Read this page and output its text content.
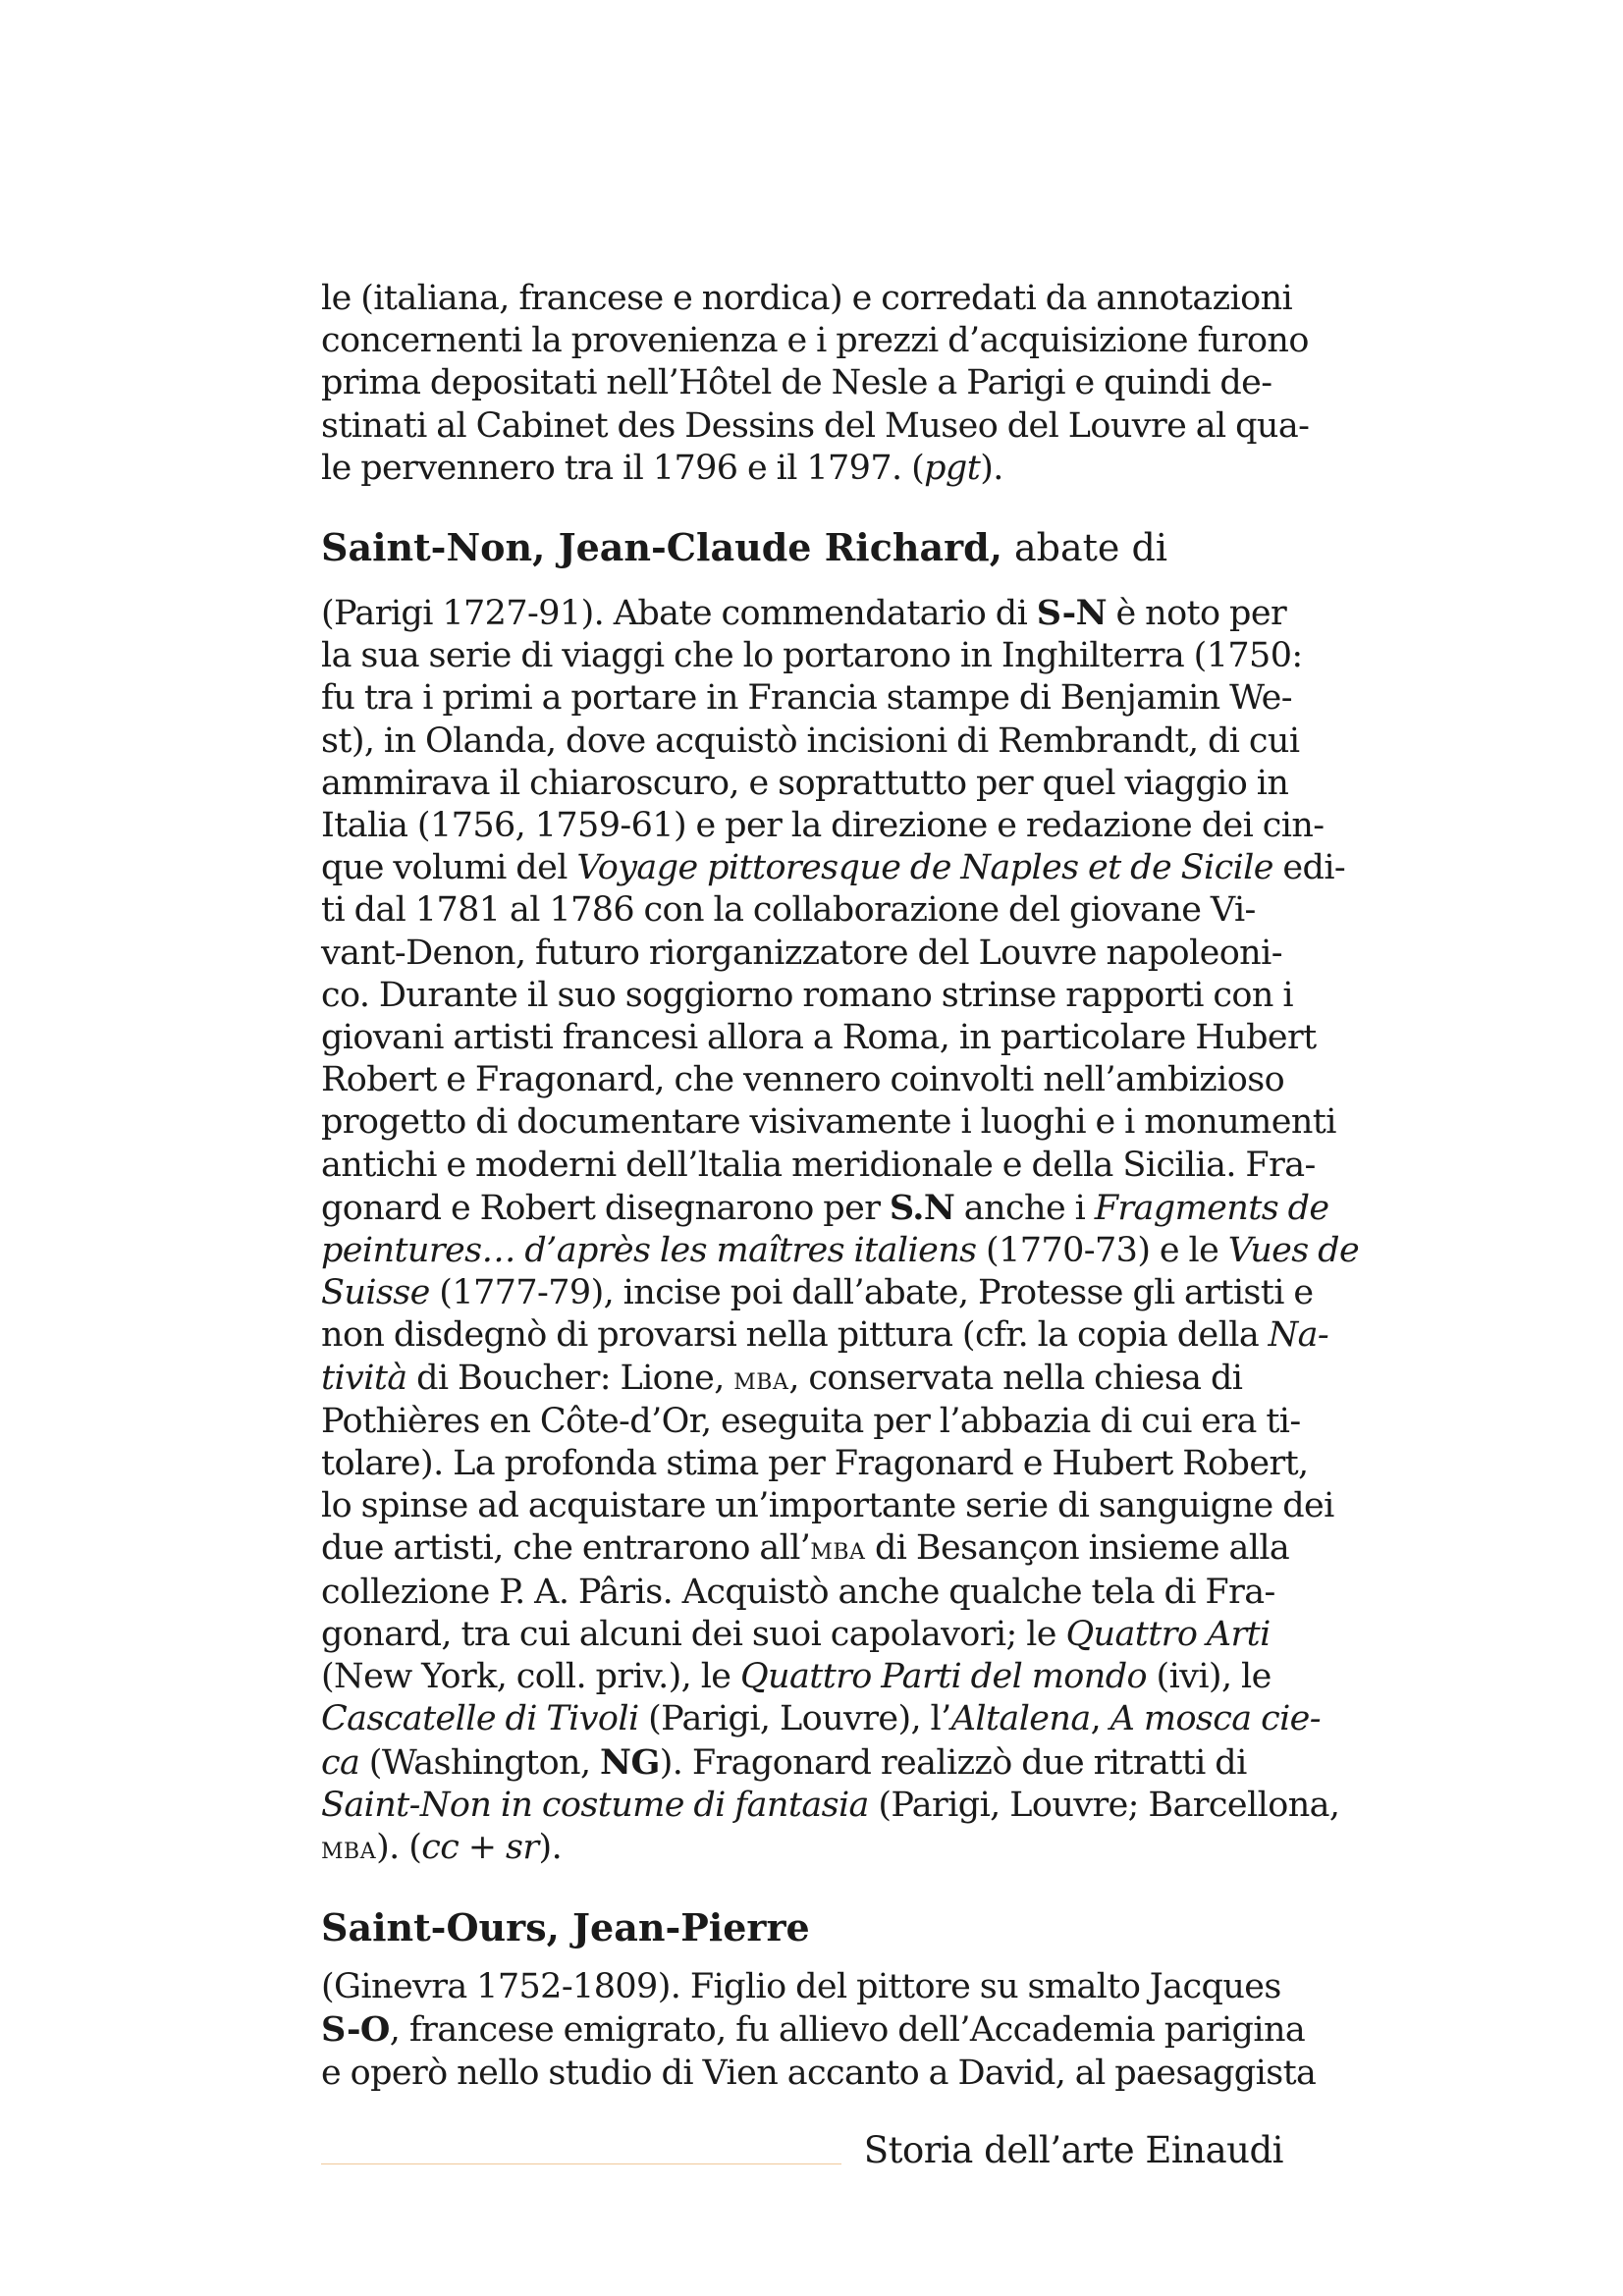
le (italiana, francese e nordica) e corredati da annotazioni
concernenti la provenienza e i prezzi d’acquisizione furono
prima depositati nell’Hôtel de Nesle a Parigi e quindi de-
stinati al Cabinet des Dessins del Museo del Louvre al qua-
le pervennero tra il 1796 e il 1797. (pgt).
Saint-Non, Jean-Claude Richard, abate di
(Parigi 1727-91). Abate commendatario di S-N è noto per
la sua serie di viaggi che lo portarono in Inghilterra (1750:
fu tra i primi a portare in Francia stampe di Benjamin We-
st), in Olanda, dove acquistò incisioni di Rembrandt, di cui
ammirava il chiaroscuro, e soprattutto per quel viaggio in
Italia (1756, 1759-61) e per la direzione e redazione dei cin-
que volumi del Voyage pittoresque de Naples et de Sicile edi-
ti dal 1781 al 1786 con la collaborazione del giovane Vi-
vant-Denon, futuro riorganizzatore del Louvre napoleoni-
co. Durante il suo soggiorno romano strinse rapporti con i
giovani artisti francesi allora a Roma, in particolare Hubert
Robert e Fragonard, che vennero coinvolti nell’ambizioso
progetto di documentare visivamente i luoghi e i monumenti
antichi e moderni dell’ltalia meridionale e della Sicilia. Fra-
gonard e Robert disegnarono per S.N anche i Fragments de
peintures… d’après les maîtres italiens (1770-73) e le Vues de
Suisse (1777-79), incise poi dall’abate, Protesse gli artisti e
non disdegnò di provarsi nella pittura (cfr. la copia della Na-
tività di Boucher: Lione, mba, conservata nella chiesa di
Pothières en Côte-d’Or, eseguita per l’abbazia di cui era ti-
tolare). La profonda stima per Fragonard e Hubert Robert,
lo spinse ad acquistare un’importante serie di sanguigne dei
due artisti, che entrarono all’mba di Besançon insieme alla
collezione P. A. Pâris. Acquistò anche qualche tela di Fra-
gonard, tra cui alcuni dei suoi capolavori; le Quattro Arti
(New York, coll. priv.), le Quattro Parti del mondo (ivi), le
Cascatelle di Tivoli (Parigi, Louvre), l’Altalena, A mosca cie-
ca (Washington, NG). Fragonard realizzò due ritratti di
Saint-Non in costume di fantasia (Parigi, Louvre; Barcellona,
mba). (cc + sr).
Saint-Ours, Jean-Pierre
(Ginevra 1752-1809). Figlio del pittore su smalto Jacques
S-O, francese emigrato, fu allievo dell’Accademia parigina
e operò nello studio di Vien accanto a David, al paesaggista
Storia dell’arte Einaudi
